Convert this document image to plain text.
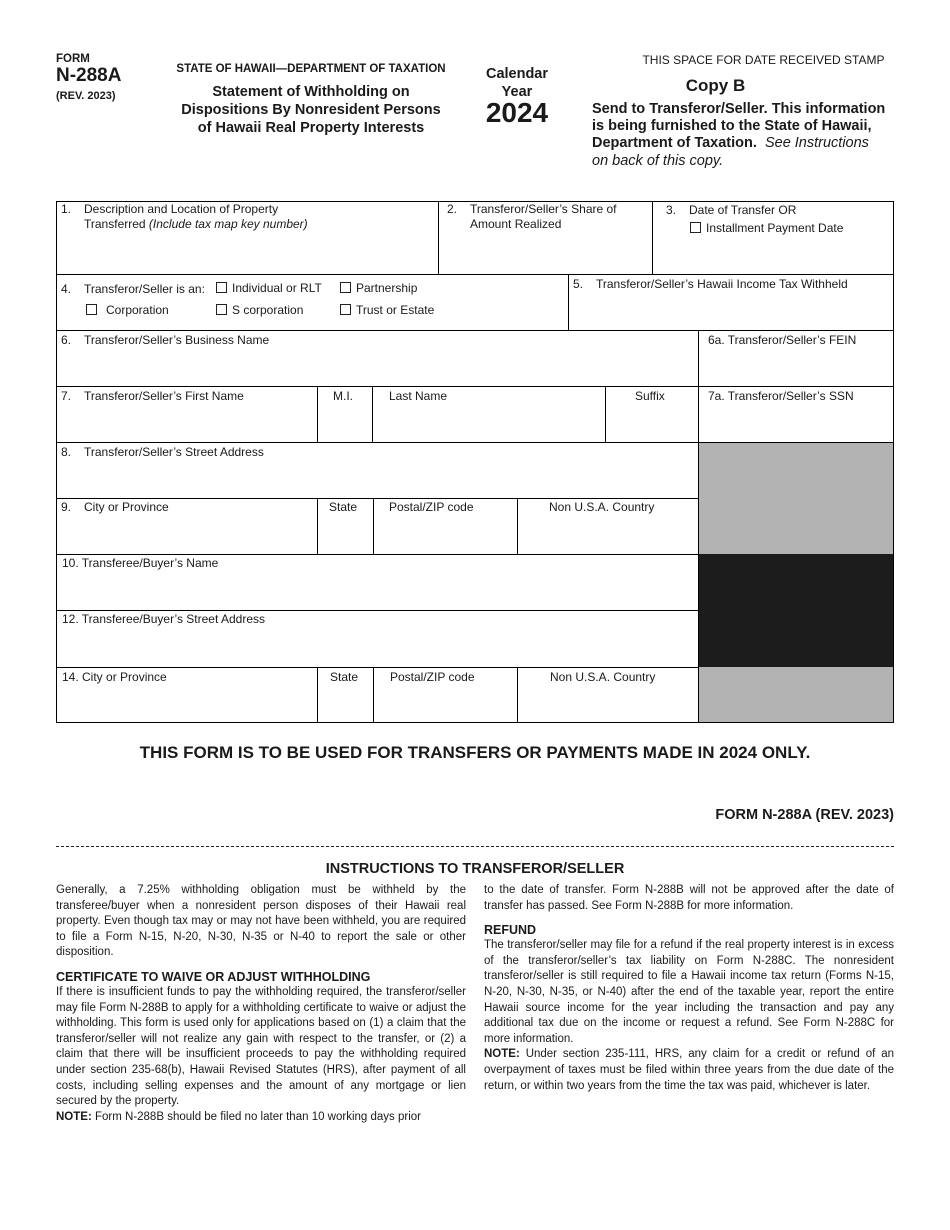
FORM
N-288A
(REV. 2023)
STATE OF HAWAII—DEPARTMENT OF TAXATION
Statement of Withholding on
Dispositions By Nonresident Persons
of Hawaii Real Property Interests
Calendar
Year
2024
THIS SPACE FOR DATE RECEIVED STAMP
Copy B
Send to Transferor/Seller. This information
is being furnished to the State of Hawaii,
Department of Taxation. See Instructions
on back of this copy.
1. Description and Location of Property
Transferred (Include tax map key number)
2. Transferor/Seller’s Share of
Amount Realized
3. Date of Transfer OR
Installment Payment Date
4. Transferor/Seller is an:	Individual or RLT	Partnership
Corporation	S corporation	Trust or Estate
5. Transferor/Seller’s Hawaii Income Tax Withheld
6. Transferor/Seller’s Business Name	6a. Transferor/Seller’s FEIN
7. Transferor/Seller’s First Name	M.I.	Last Name	Suffix	7a. Transferor/Seller’s SSN
8. Transferor/Seller’s Street Address
9. City or Province	State	Postal/ZIP code	Non U.S.A. Country
10. Transferee/Buyer’s Name
12. Transferee/Buyer’s Street Address
14. City or Province	State	Postal/ZIP code	Non U.S.A. Country
THIS FORM IS TO BE USED FOR TRANSFERS OR PAYMENTS MADE IN 2024 ONLY.
FORM N-288A (REV. 2023)
INSTRUCTIONS TO TRANSFEROR/SELLER

Generally, a 7.25% withholding obligation must be withheld by the transferee/buyer when a nonresident person disposes of their Hawaii real property. Even though tax may or may not have been withheld, you are required to file a Form N-15, N-20, N-30, N-35 or N-40 to report the sale or other disposition.

CERTIFICATE TO WAIVE OR ADJUST WITHHOLDING

If there is insufficient funds to pay the withholding required, the transferor/seller may file Form N-288B to apply for a withholding certificate to waive or adjust the withholding. This form is used only for applications based on (1) a claim that the transferor/seller will not realize any gain with respect to the transfer, or (2) a claim that there will be insufficient proceeds to pay the withholding required under section 235-68(b), Hawaii Revised Statutes (HRS), after payment of all costs, including selling expenses and the amount of any mortgage or lien secured by the property.

NOTE: Form N-288B should be filed no later than 10 working days prior

to the date of transfer. Form N-288B will not be approved after the date of transfer has passed. See Form N-288B for more information.

REFUND

The transferor/seller may file for a refund if the real property interest is in excess of the transferor/seller’s tax liability on Form N-288C. The nonresident transferor/seller is still required to file a Hawaii income tax return (Forms N-15, N-20, N-30, N-35, or N-40) after the end of the taxable year, report the entire Hawaii source income for the year including the transaction and pay any additional tax due on the income or request a refund. See Form N-288C for more information.

NOTE: Under section 235-111, HRS, any claim for a credit or refund of an overpayment of taxes must be filed within three years from the due date of the return, or within two years from the time the tax was paid, whichever is later.
